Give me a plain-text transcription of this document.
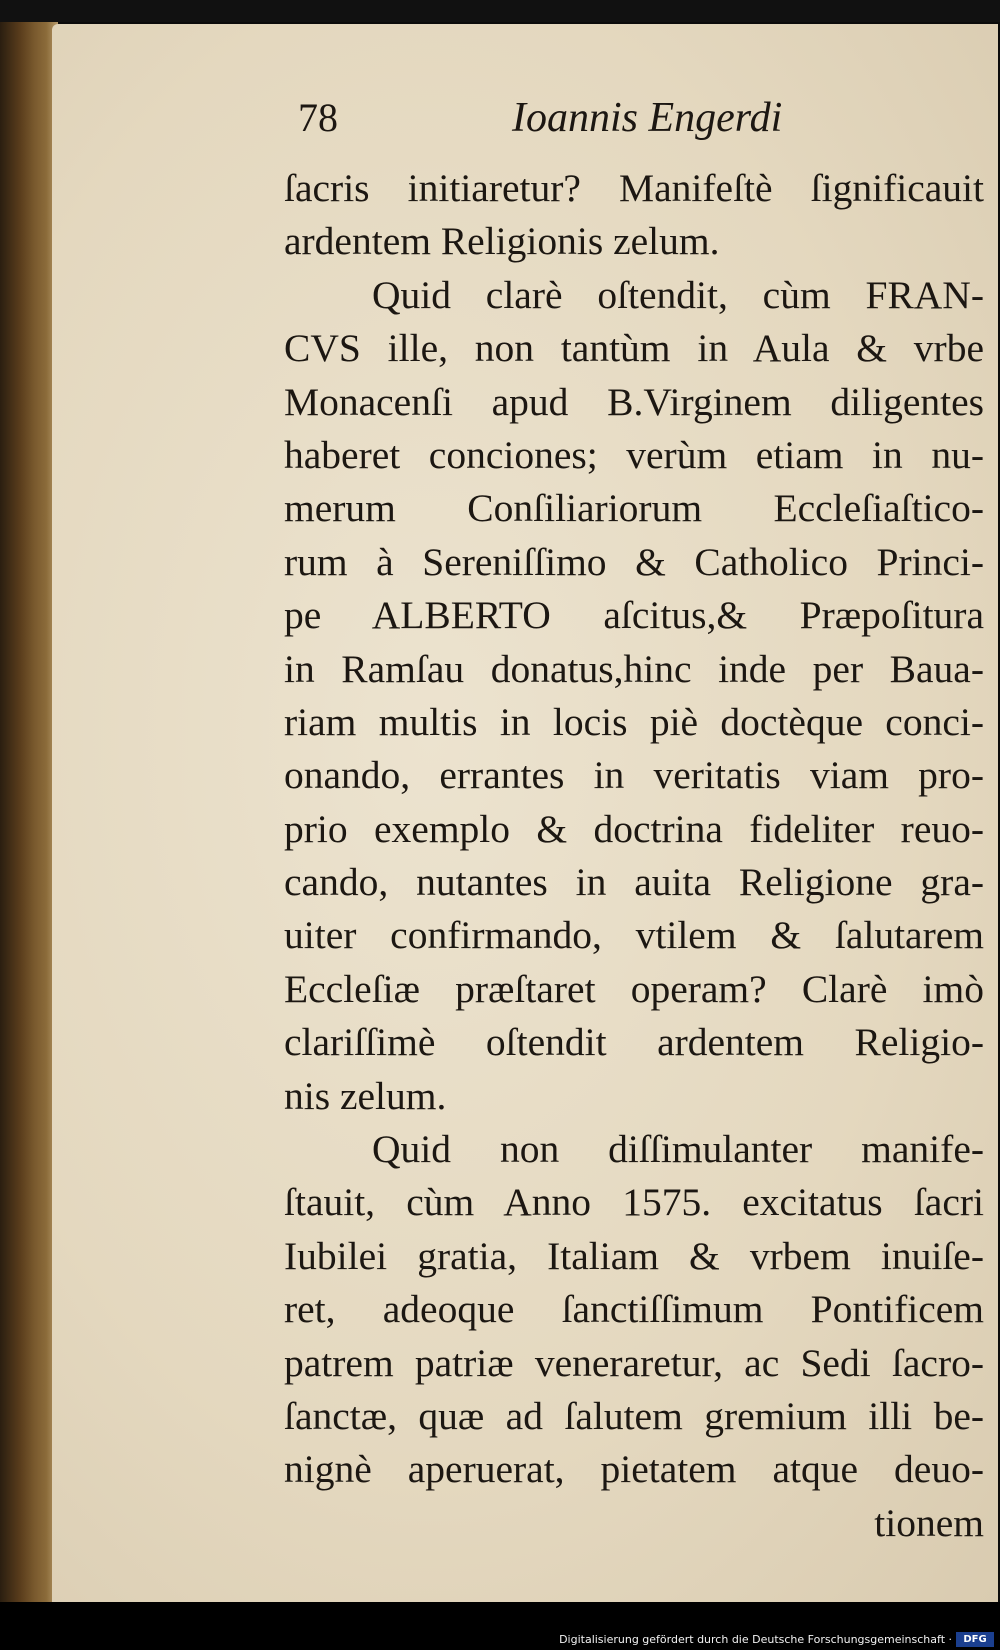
78	Ioannis Engerdi
ſacris initiaretur? Manifeſtè ſignificauit
ardentem Religionis zelum.
Quid clarè oſtendit, cùm FRAN-
CVS ille, non tantùm in Aula & vrbe
Monacenſi apud B.Virginem diligentes
haberet conciones; verùm etiam in nu-
merum Conſiliariorum Eccleſiaſtico-
rum à Sereniſſimo & Catholico Princi-
pe ALBERTO aſcitus,& Præpoſitura
in Ramſau donatus,hinc inde per Baua-
riam multis in locis piè doctèque conci-
onando, errantes in veritatis viam pro-
prio exemplo & doctrina fideliter reuo-
cando, nutantes in auita Religione gra-
uiter confirmando, vtilem & ſalutarem
Eccleſiæ præſtaret operam? Clarè imò
clariſſimè oſtendit ardentem Religio-
nis zelum.
Quid non diſſimulanter manife-
ſtauit, cùm Anno 1575. excitatus ſacri
Iubilei gratia, Italiam & vrbem inuiſe-
ret, adeoque ſanctiſſimum Pontificem
patrem patriæ veneraretur, ac Sedi ſacro-
ſanctæ, quæ ad ſalutem gremium illi be-
nignè aperuerat, pietatem atque deuo-
tionem
Digitalisierung gefördert durch die Deutsche Forschungsgemeinschaft ·	DFG
